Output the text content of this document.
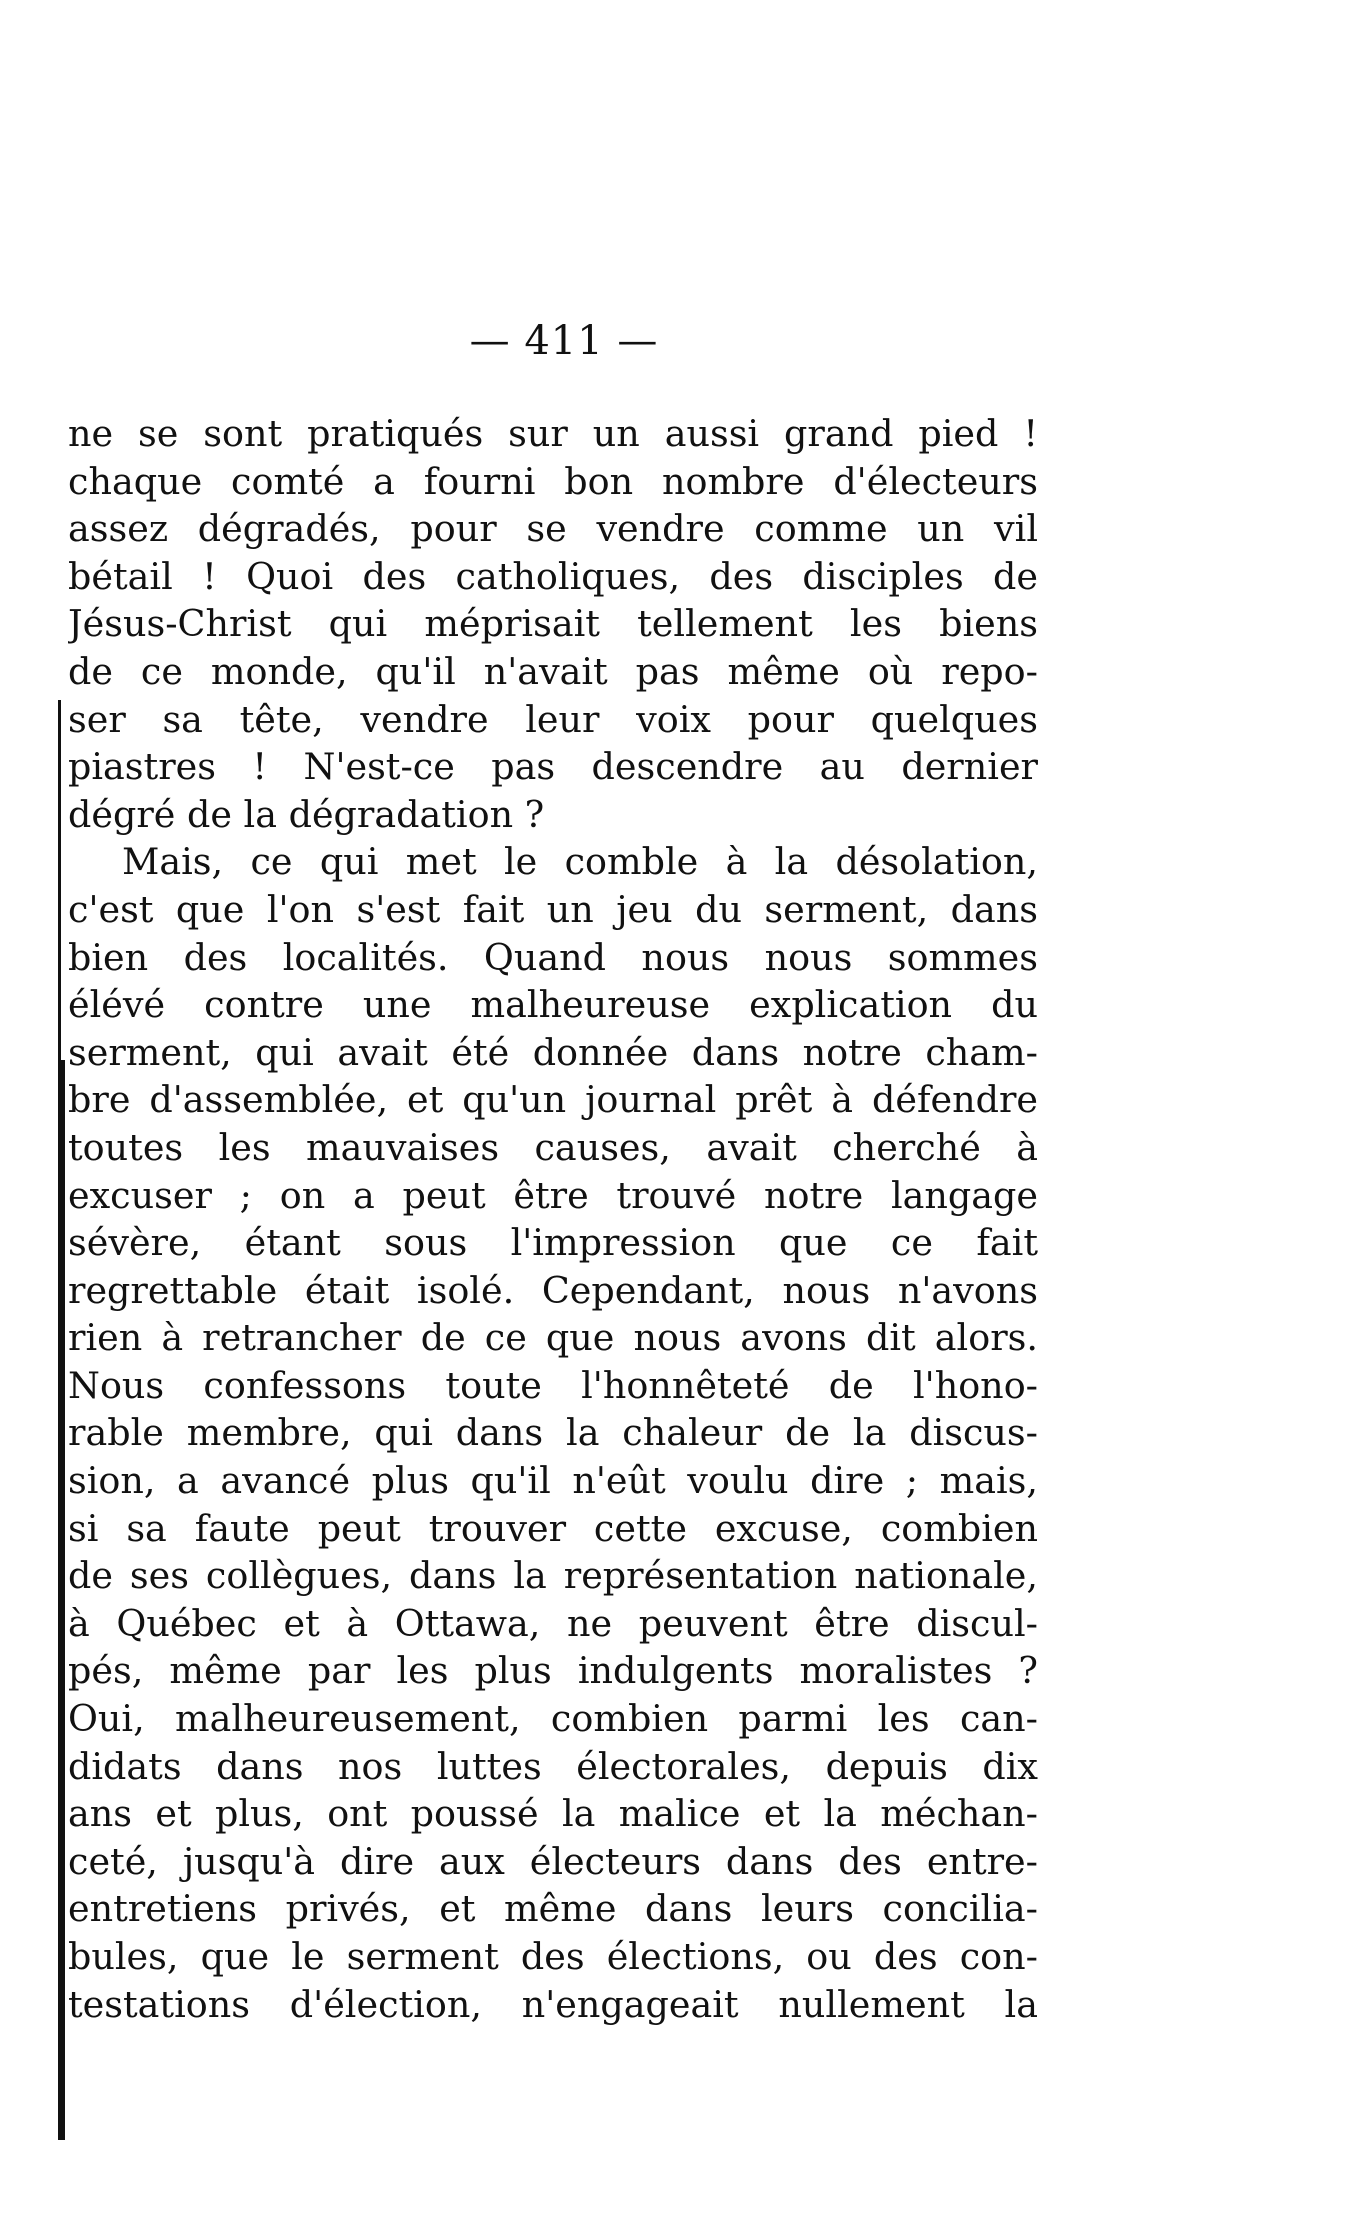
— 411 —
ne se sont pratiqués sur un aussi grand pied !
chaque comté a fourni bon nombre d'électeurs
assez dégradés, pour se vendre comme un vil
bétail ! Quoi des catholiques, des disciples de
Jésus-Christ qui méprisait tellement les biens
de ce monde, qu'il n'avait pas même où repo-
ser sa tête, vendre leur voix pour quelques
piastres ! N'est-ce pas descendre au dernier
dégré de la dégradation ?
Mais, ce qui met le comble à la désolation,
c'est que l'on s'est fait un jeu du serment, dans
bien des localités. Quand nous nous sommes
élévé contre une malheureuse explication du
serment, qui avait été donnée dans notre cham-
bre d'assemblée, et qu'un journal prêt à défendre
toutes les mauvaises causes, avait cherché à
excuser ; on a peut être trouvé notre langage
sévère, étant sous l'impression que ce fait
regrettable était isolé. Cependant, nous n'avons
rien à retrancher de ce que nous avons dit alors.
Nous confessons toute l'honnêteté de l'hono-
rable membre, qui dans la chaleur de la discus-
sion, a avancé plus qu'il n'eût voulu dire ; mais,
si sa faute peut trouver cette excuse, combien
de ses collègues, dans la représentation nationale,
à Québec et à Ottawa, ne peuvent être discul-
pés, même par les plus indulgents moralistes ?
Oui, malheureusement, combien parmi les can-
didats dans nos luttes électorales, depuis dix
ans et plus, ont poussé la malice et la méchan-
ceté, jusqu'à dire aux électeurs dans des entre-
entretiens privés, et même dans leurs concilia-
bules, que le serment des élections, ou des con-
testations d'élection, n'engageait nullement la
